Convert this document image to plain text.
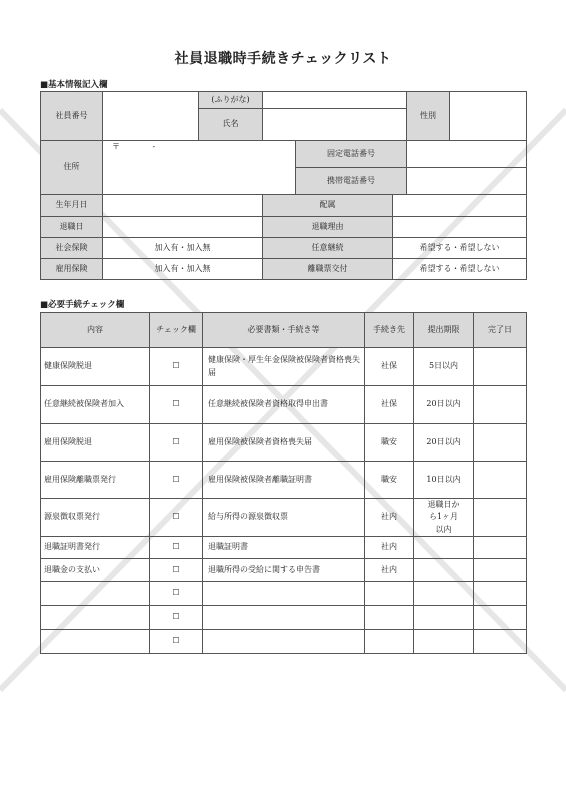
社員退職時手続きチェックリスト
■基本情報記入欄
社員番号		(ふりがな)				性別	
		氏名					
住所	〒 -			固定電話番号			
				携帯電話番号			
生年月日			配属				
退職日			退職理由				
社会保険	加入有・加入無		任意継続		希望する・希望しない		
雇用保険	加入有・加入無		離職票交付		希望する・希望しない		
■必要手続チェック欄
内容	チェック欄	必要書類・手続き等	手続き先	提出期限	完了日
健康保険脱退	☐	健康保険・厚生年金保険被保険者資格喪失届	社保	5日以内	
任意継続被保険者加入	☐	任意継続被保険者資格取得申出書	社保	20日以内	
雇用保険脱退	☐	雇用保険被保険者資格喪失届	職安	20日以内	
雇用保険離職票発行	☐	雇用保険被保険者離職証明書	職安	10日以内	
源泉徴収票発行	☐	給与所得の源泉徴収票	社内	退職日から1ヶ月以内	
退職証明書発行	☐	退職証明書	社内		
退職金の支払い	☐	退職所得の受給に関する申告書	社内		
	☐				
	☐				
	☐				
